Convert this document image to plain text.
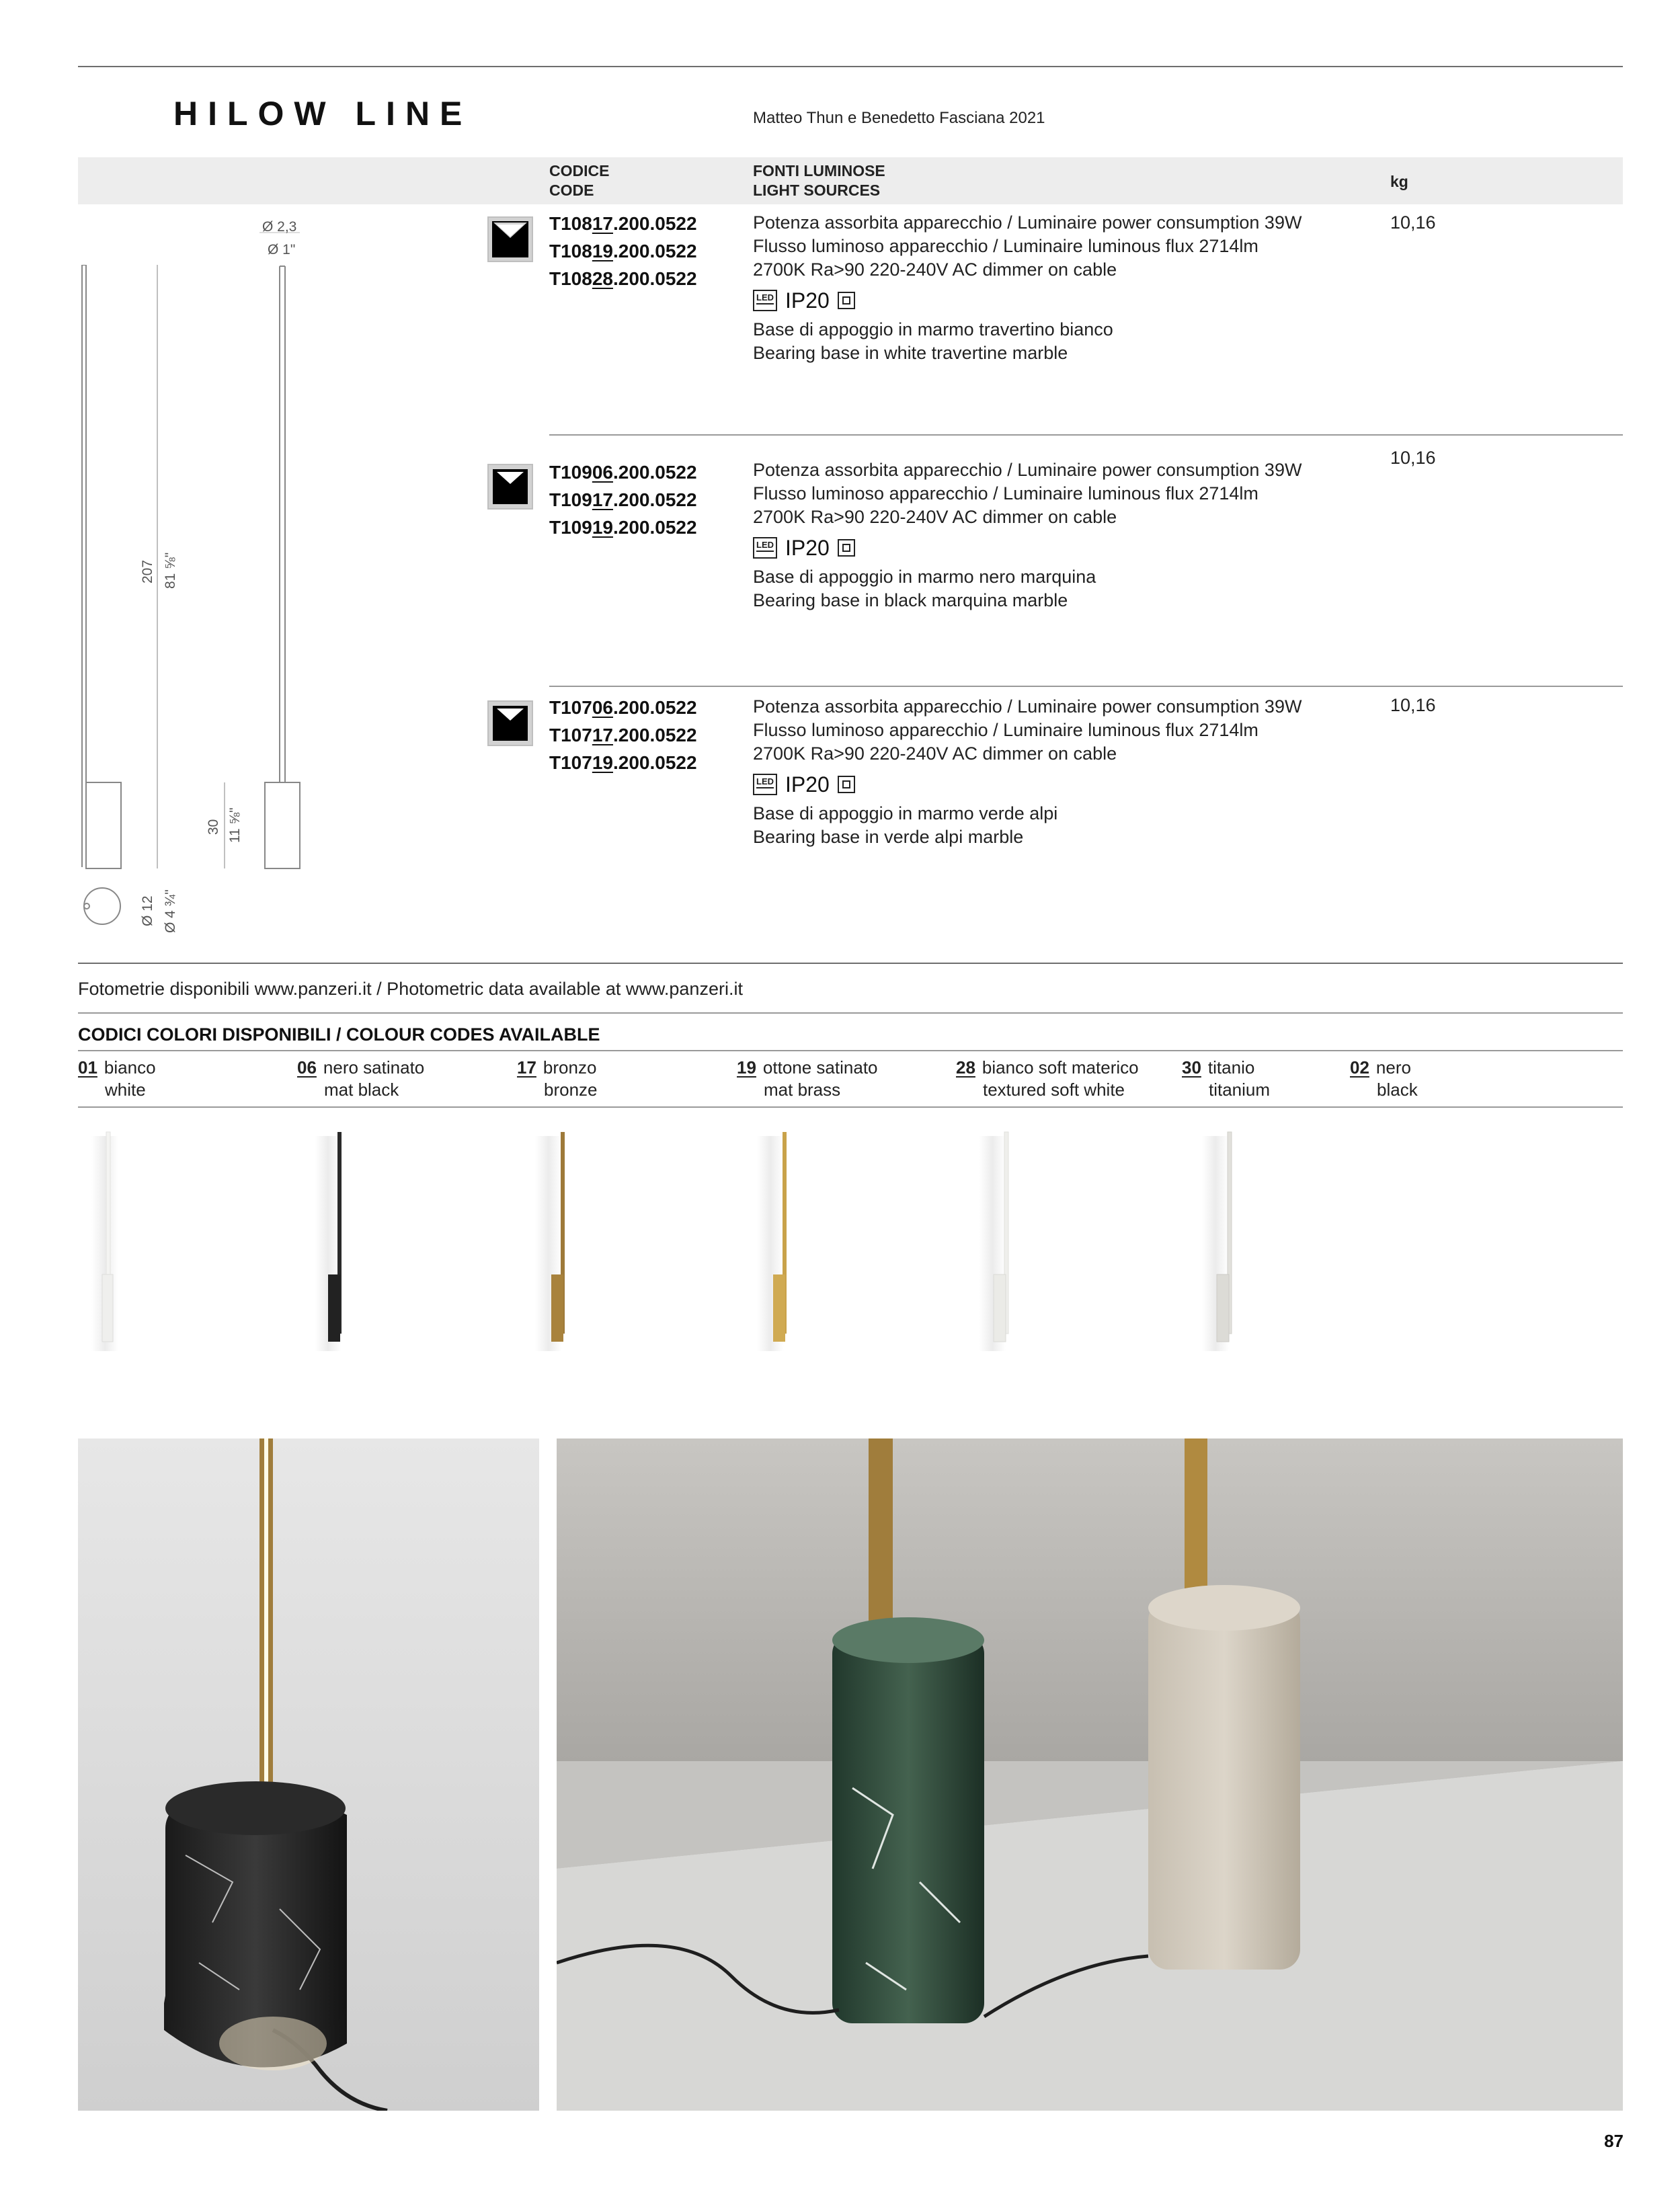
HILOW LINE	Matteo Thun e Benedetto Fasciana 2021
CODICE
CODE
FONTI LUMINOSE
LIGHT SOURCES	kg
Ø 2,3
Ø 1"
207 81 ⅝"
30 11 ⅝"
Ø 12 Ø 4 ¾"
T10817.200.0522
T10819.200.0522
T10828.200.0522
Potenza assorbita apparecchio / Luminaire power consumption 39W
Flusso luminoso apparecchio / Luminaire luminous flux 2714lm
2700K Ra>90 220-240V AC dimmer on cable
LED IP20
Base di appoggio in marmo travertino bianco
Bearing base in white travertine marble
10,16
T10906.200.0522
T10917.200.0522
T10919.200.0522
Potenza assorbita apparecchio / Luminaire power consumption 39W
Flusso luminoso apparecchio / Luminaire luminous flux 2714lm
2700K Ra>90 220-240V AC dimmer on cable
LED IP20
Base di appoggio in marmo nero marquina
Bearing base in black marquina marble
10,16
T10706.200.0522
T10717.200.0522
T10719.200.0522
Potenza assorbita apparecchio / Luminaire power consumption 39W
Flusso luminoso apparecchio / Luminaire luminous flux 2714lm
2700K Ra>90 220-240V AC dimmer on cable
LED IP20
Base di appoggio in marmo verde alpi
Bearing base in verde alpi marble
10,16
Fotometrie disponibili www.panzeri.it / Photometric data available at www.panzeri.it
CODICI COLORI DISPONIBILI / COLOUR CODES AVAILABLE
01 bianco
white
06 nero satinato
mat black
17 bronzo
bronze
19 ottone satinato
mat brass
28 bianco soft materico
textured soft white
30 titanio
titanium
02 nero
black
87
